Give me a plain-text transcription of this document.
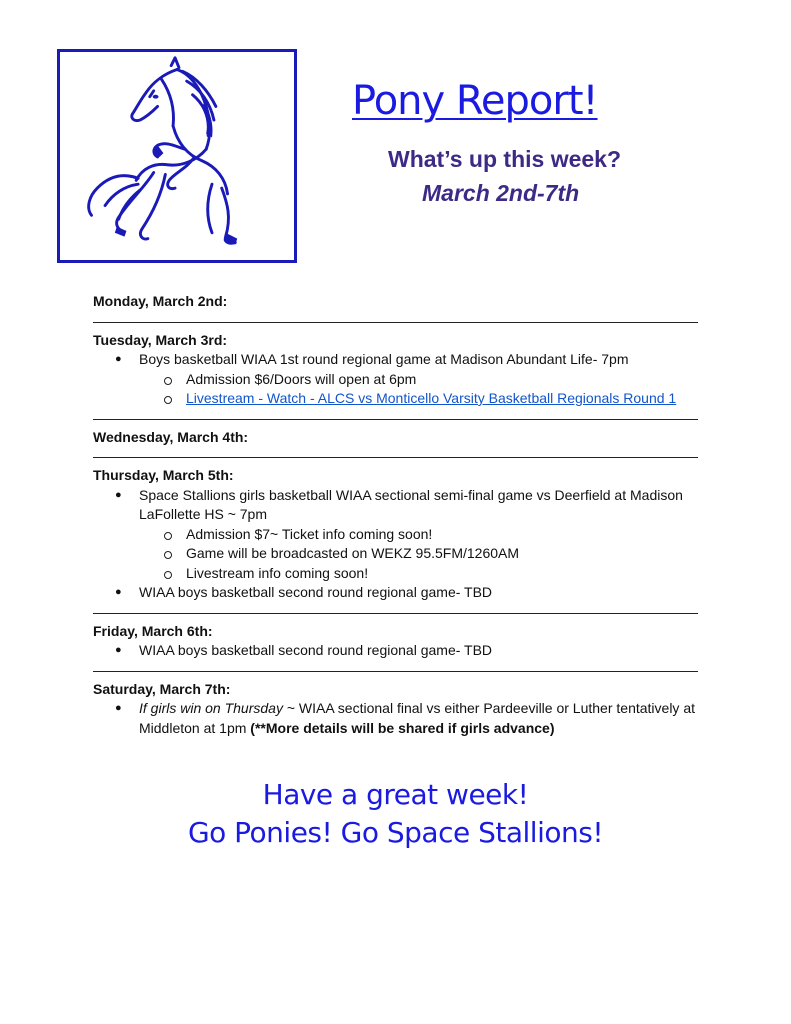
Pony Report!
What’s up this week?
March 2nd-7th

Monday, March 2nd:

Tuesday, March 3rd:

● Boys basketball WIAA 1st round regional game at Madison Abundant Life- 7pm
Admission $6/Doors will open at 6pm
Livestream - Watch - ALCS vs Monticello Varsity Basketball Regionals Round 1

Wednesday, March 4th:

Thursday, March 5th:

● Space Stallions girls basketball WIAA sectional semi-final game vs Deerfield at Madison LaFollette HS ~ 7pm
Admission $7~ Ticket info coming soon!
Game will be broadcasted on WEKZ 95.5FM/1260AM
Livestream info coming soon!
● WIAA boys basketball second round regional game- TBD

Friday, March 6th:

● WIAA boys basketball second round regional game- TBD

Saturday, March 7th:

● If girls win on Thursday ~ WIAA sectional final vs either Pardeeville or Luther tentatively at Middleton at 1pm (**More details will be shared if girls advance)

Have a great week!

Go Ponies! Go Space Stallions!
